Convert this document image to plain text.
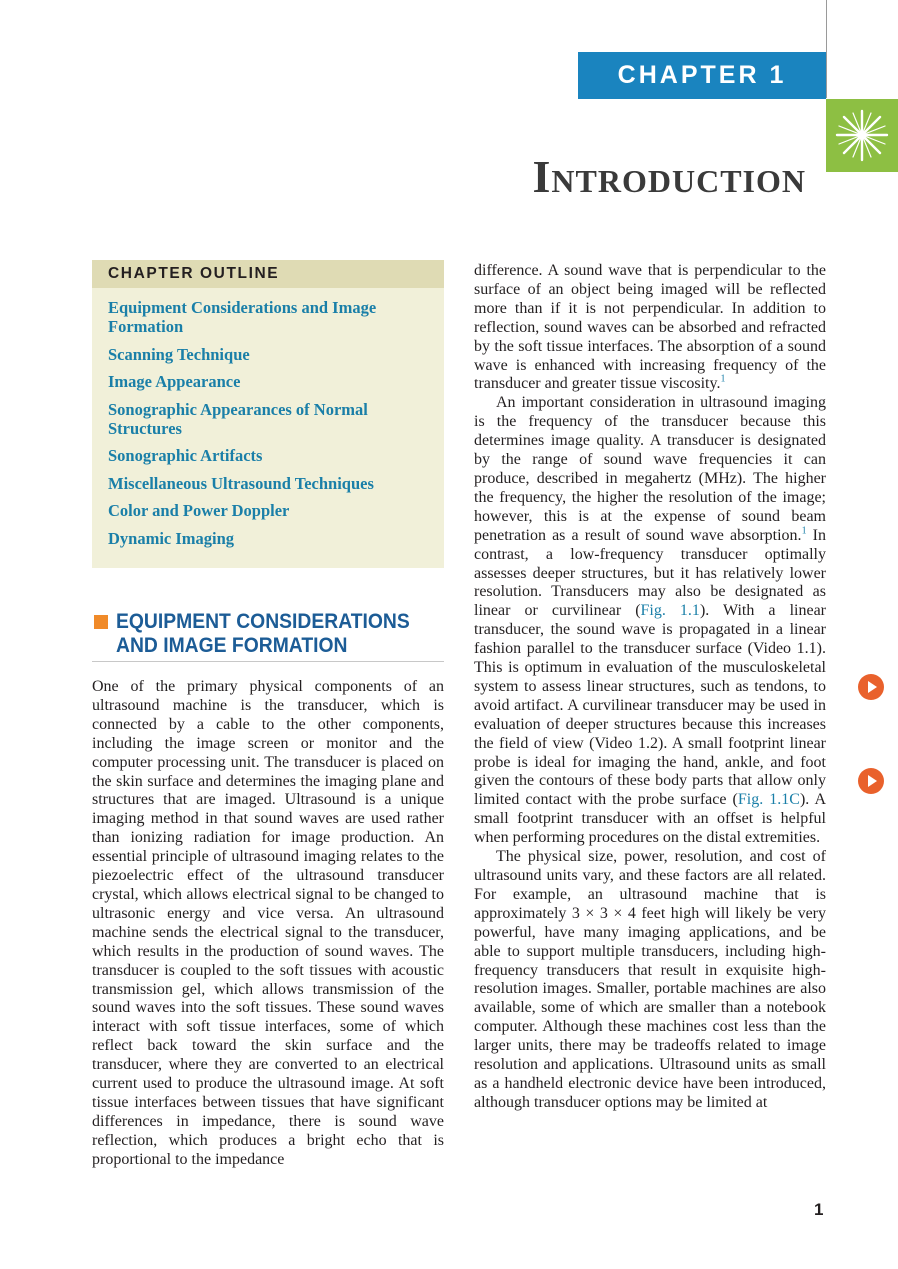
CHAPTER 1
Introduction
CHAPTER OUTLINE
Equipment Considerations and Image Formation
Scanning Technique
Image Appearance
Sonographic Appearances of Normal Structures
Sonographic Artifacts
Miscellaneous Ultrasound Techniques
Color and Power Doppler
Dynamic Imaging
EQUIPMENT CONSIDERATIONS
AND IMAGE FORMATION

One of the primary physical components of an ultrasound machine is the transducer, which is connected by a cable to the other components, including the image screen or monitor and the computer processing unit. The transducer is placed on the skin surface and determines the imaging plane and structures that are imaged. Ultrasound is a unique imaging method in that sound waves are used rather than ionizing radiation for image production. An essential principle of ultrasound imaging relates to the piezoelectric effect of the ultrasound transducer crystal, which allows electrical signal to be changed to ultrasonic energy and vice versa. An ultrasound machine sends the electrical signal to the transducer, which results in the production of sound waves. The transducer is coupled to the soft tissues with acoustic transmission gel, which allows transmission of the sound waves into the soft tissues. These sound waves interact with soft tissue interfaces, some of which reflect back toward the skin surface and the transducer, where they are converted to an electrical current used to produce the ultrasound image. At soft tissue interfaces between tissues that have significant differences in impedance, there is sound wave reflection, which produces a bright echo that is proportional to the impedance

difference. A sound wave that is perpendicular to the surface of an object being imaged will be reflected more than if it is not perpendicular. In addition to reflection, sound waves can be absorbed and refracted by the soft tissue interfaces. The absorption of a sound wave is enhanced with increasing frequency of the transducer and greater tissue viscosity.$^1$

An important consideration in ultrasound imaging is the frequency of the transducer because this determines image quality. A transducer is designated by the range of sound wave frequencies it can produce, described in megahertz (MHz). The higher the frequency, the higher the resolution of the image; however, this is at the expense of sound beam penetration as a result of sound wave absorption.$^1$ In contrast, a low-frequency transducer optimally assesses deeper structures, but it has relatively lower resolution. Transducers may also be designated as linear or curvilinear (Fig. 1.1). With a linear transducer, the sound wave is propagated in a linear fashion parallel to the transducer surface (Video 1.1). This is optimum in evaluation of the musculoskeletal system to assess linear structures, such as tendons, to avoid artifact. A curvilinear transducer may be used in evaluation of deeper structures because this increases the field of view (Video 1.2). A small footprint linear probe is ideal for imaging the hand, ankle, and foot given the contours of these body parts that allow only limited contact with the probe surface (Fig. 1.1C). A small footprint transducer with an offset is helpful when performing procedures on the distal extremities.

The physical size, power, resolution, and cost of ultrasound units vary, and these factors are all related. For example, an ultrasound machine that is approximately 3 × 3 × 4 feet high will likely be very powerful, have many imaging applications, and be able to support multiple transducers, including high-frequency transducers that result in exquisite high-resolution images. Smaller, portable machines are also available, some of which are smaller than a notebook computer. Although these machines cost less than the larger units, there may be tradeoffs related to image resolution and applications. Ultrasound units as small as a handheld electronic device have been introduced, although transducer options may be limited at

1
